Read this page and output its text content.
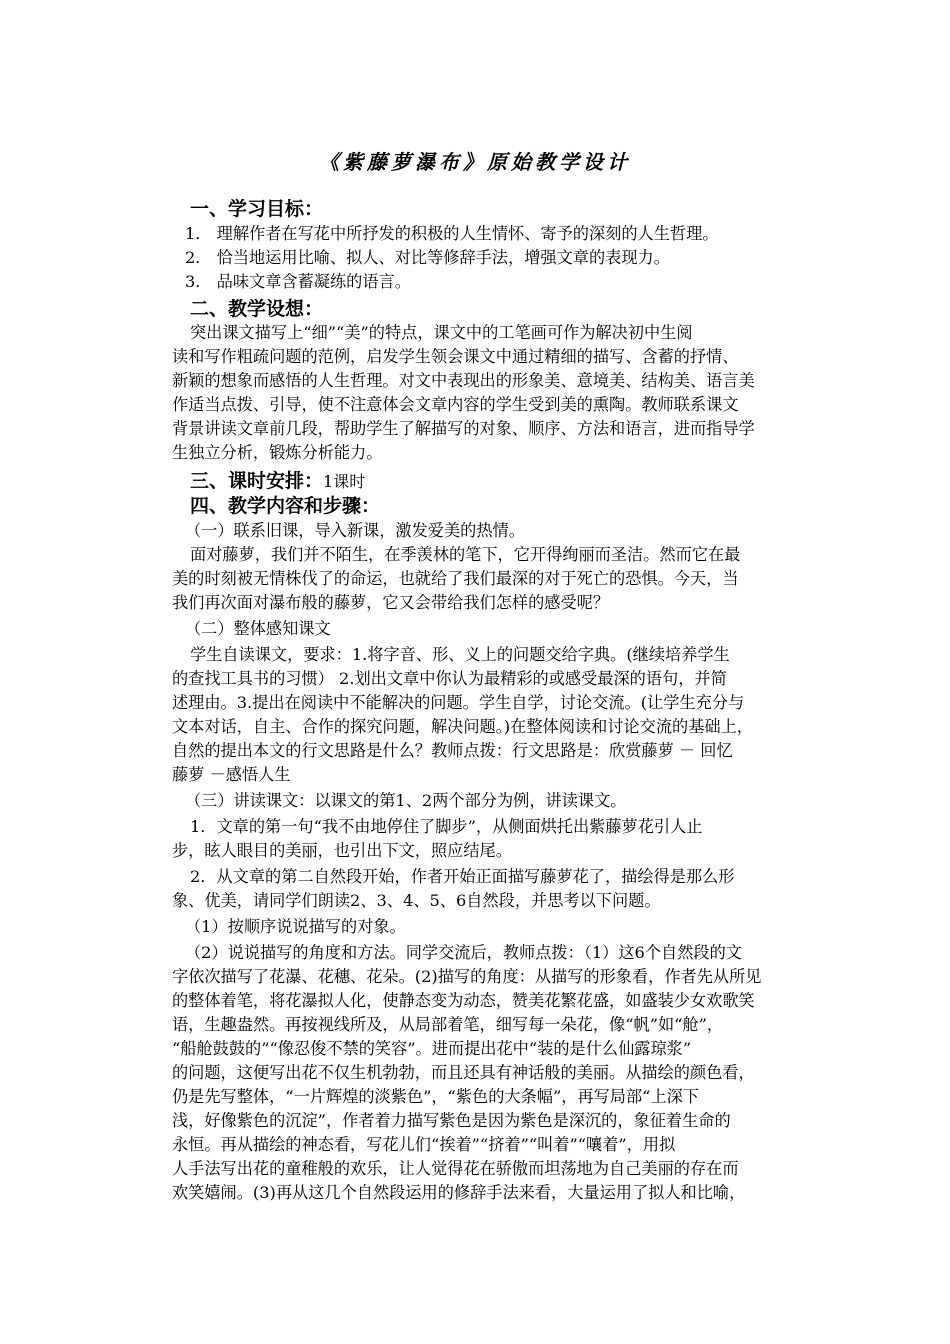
《紫藤萝瀑布》原始教学设计
一、学习目标：
1． 理解作者在写花中所抒发的积极的人生情怀、寄予的深刻的人生哲理。
2． 恰当地运用比喻、拟人、对比等修辞手法，增强文章的表现力。
3． 品味文章含蓄凝练的语言。
二、教学设想：
突出课文描写上“细”“美”的特点，课文中的工笔画可作为解决初中生阅
读和写作粗疏问题的范例，启发学生领会课文中通过精细的描写、含蓄的抒情、
新颖的想象而感悟的人生哲理。对文中表现出的形象美、意境美、结构美、语言美
作适当点拨、引导，使不注意体会文章内容的学生受到美的熏陶。教师联系课文
背景讲读文章前几段，帮助学生了解描写的对象、顺序、方法和语言，进而指导学
生独立分析，锻炼分析能力。
三、课时安排：1课时
四、教学内容和步骤：
（一）联系旧课，导入新课，激发爱美的热情。
面对藤萝，我们并不陌生，在季羡林的笔下，它开得绚丽而圣洁。然而它在最
美的时刻被无情株伐了的命运，也就给了我们最深的对于死亡的恐惧。今天，当
我们再次面对瀑布般的藤萝，它又会带给我们怎样的感受呢？
（二）整体感知课文
学生自读课文，要求：1.将字音、形、义上的问题交给字典。(继续培养学生
的查找工具书的习惯） 2.划出文章中你认为最精彩的或感受最深的语句，并简
述理由。3.提出在阅读中不能解决的问题。学生自学，讨论交流。(让学生充分与
文本对话，自主、合作的探究问题，解决问题。)在整体阅读和讨论交流的基础上，
自然的提出本文的行文思路是什么？教师点拨：行文思路是：欣赏藤萝 － 回忆
藤萝 －感悟人生
（三）讲读课文：以课文的第1、2两个部分为例，讲读课文。
1．文章的第一句“我不由地停住了脚步”，从侧面烘托出紫藤萝花引人止
步，眩人眼目的美丽，也引出下文，照应结尾。
2．从文章的第二自然段开始，作者开始正面描写藤萝花了，描绘得是那么形
象、优美，请同学们朗读2、3、4、5、6自然段，并思考以下问题。
（1）按顺序说说描写的对象。
（2）说说描写的角度和方法。同学交流后，教师点拨：（1）这6个自然段的文
字依次描写了花瀑、花穗、花朵。(2)描写的角度：从描写的形象看，作者先从所见
的整体着笔，将花瀑拟人化，使静态变为动态，赞美花繁花盛，如盛装少女欢歌笑
语，生趣盎然。再按视线所及，从局部着笔，细写每一朵花，像“帆”如“舱”，
“船舱鼓鼓的”“像忍俊不禁的笑容”。进而提出花中“装的是什么仙露琼浆”
的问题，这便写出花不仅生机勃勃，而且还具有神话般的美丽。从描绘的颜色看，
仍是先写整体，“一片辉煌的淡紫色”，“紫色的大条幅”，再写局部“上深下
浅，好像紫色的沉淀”，作者着力描写紫色是因为紫色是深沉的，象征着生命的
永恒。再从描绘的神态看，写花儿们“挨着”“挤着”“叫着”“嚷着”，用拟
人手法写出花的童稚般的欢乐，让人觉得花在骄傲而坦荡地为自己美丽的存在而
欢笑嬉闹。(3)再从这几个自然段运用的修辞手法来看，大量运用了拟人和比喻，
